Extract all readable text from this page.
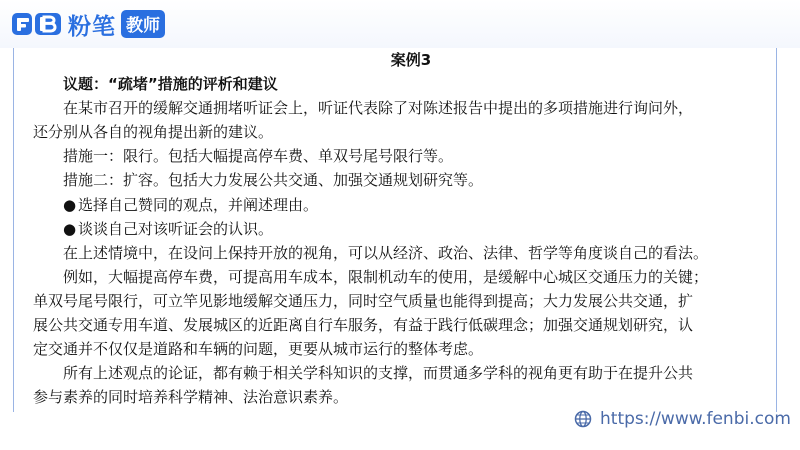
粉笔 教师
案例3
议题：“疏堵”措施的评析和建议
在某市召开的缓解交通拥堵听证会上，听证代表除了对陈述报告中提出的多项措施进行询问外，
还分别从各自的视角提出新的建议。
措施一：限行。包括大幅提高停车费、单双号尾号限行等。
措施二：扩容。包括大力发展公共交通、加强交通规划研究等。
● 选择自己赞同的观点，并阐述理由。
● 谈谈自己对该听证会的认识。
在上述情境中，在设问上保持开放的视角，可以从经济、政治、法律、哲学等角度谈自己的看法。
例如，大幅提高停车费，可提高用车成本，限制机动车的使用，是缓解中心城区交通压力的关键；
单双号尾号限行，可立竿见影地缓解交通压力，同时空气质量也能得到提高；大力发展公共交通，扩
展公共交通专用车道、发展城区的近距离自行车服务，有益于践行低碳理念；加强交通规划研究，认
定交通并不仅仅是道路和车辆的问题，更要从城市运行的整体考虑。
所有上述观点的论证，都有赖于相关学科知识的支撑，而贯通多学科的视角更有助于在提升公共
参与素养的同时培养科学精神、法治意识素养。
https://www.fenbi.com
